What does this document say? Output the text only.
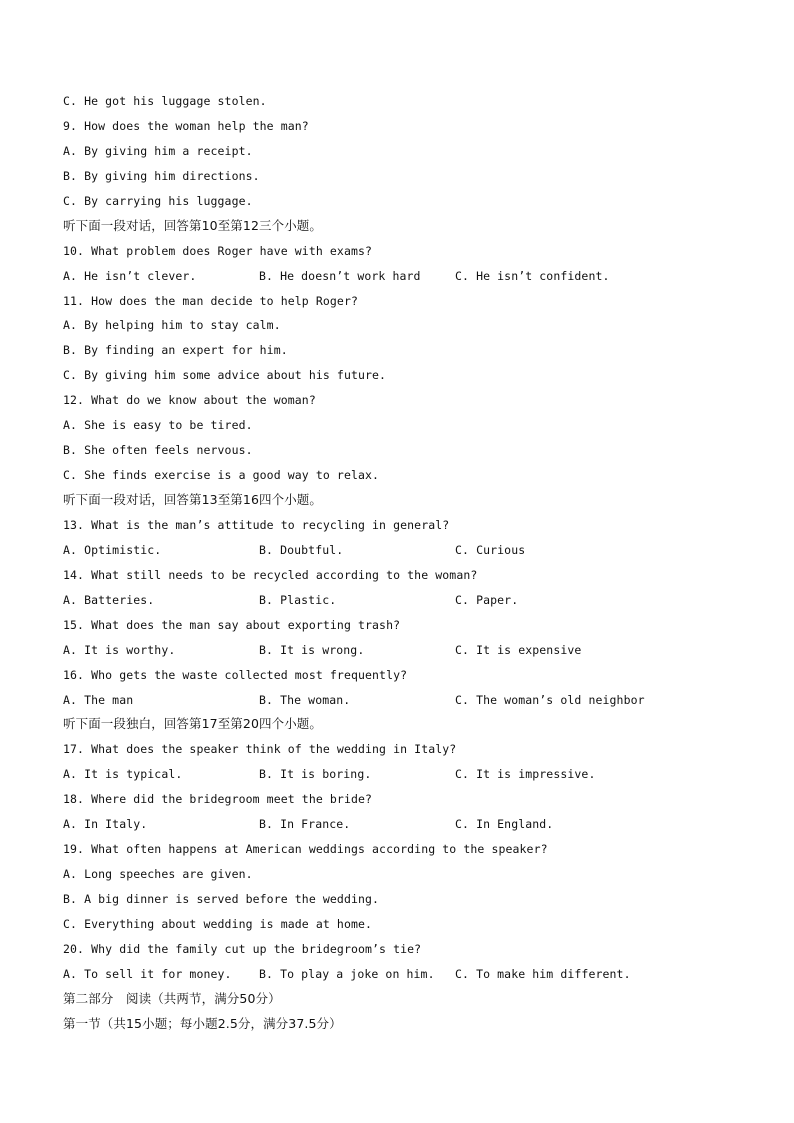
C. He got his luggage stolen.
9. How does the woman help the man?
A. By giving him a receipt.
B. By giving him directions.
C. By carrying his luggage.
听下面一段对话，回答第10至第12三个小题。
10. What problem does Roger have with exams?
A. He isn’t clever.	B. He doesn’t work hard	C. He isn’t confident.
11. How does the man decide to help Roger?
A. By helping him to stay calm.
B. By finding an expert for him.
C. By giving him some advice about his future.
12. What do we know about the woman?
A. She is easy to be tired.
B. She often feels nervous.
C. She finds exercise is a good way to relax.
听下面一段对话，回答第13至第16四个小题。
13. What is the man’s attitude to recycling in general?
A. Optimistic.	B. Doubtful.	C. Curious
14. What still needs to be recycled according to the woman?
A. Batteries.	B. Plastic.	C. Paper.
15. What does the man say about exporting trash?
A. It is worthy.	B. It is wrong.	C. It is expensive
16. Who gets the waste collected most frequently?
A. The man	B. The woman.	C. The woman’s old neighbor
听下面一段独白，回答第17至第20四个小题。
17. What does the speaker think of the wedding in Italy?
A. It is typical.	B. It is boring.	C. It is impressive.
18. Where did the bridegroom meet the bride?
A. In Italy.	B. In France.	C. In England.
19. What often happens at American weddings according to the speaker?
A. Long speeches are given.
B. A big dinner is served before the wedding.
C. Everything about wedding is made at home.
20. Why did the family cut up the bridegroom’s tie?
A. To sell it for money.	B. To play a joke on him.	C. To make him different.
第二部分　阅读（共两节，满分50分）
第一节（共15小题；每小题2.5分，满分37.5分）
